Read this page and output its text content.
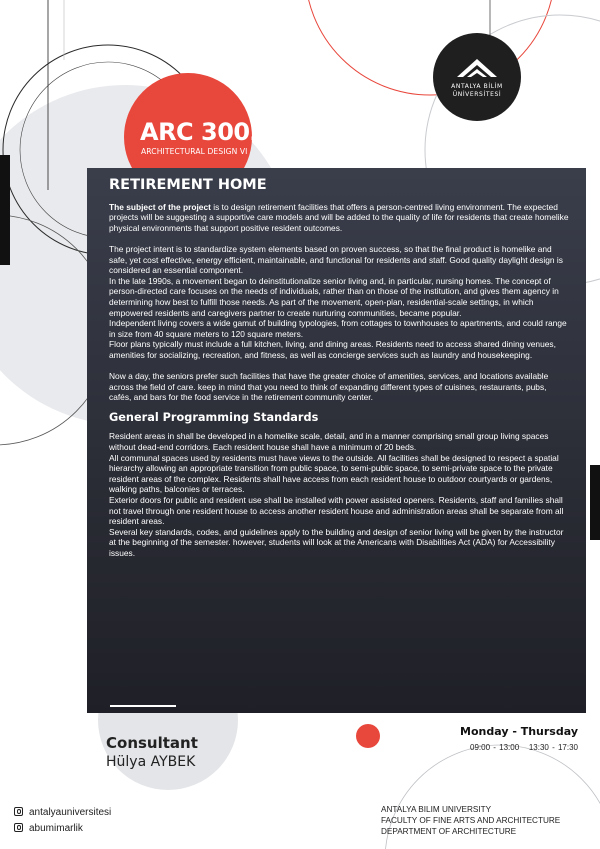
ANTALYA BİLİM
ÜNİVERSİTESİ
ARC 3002
ARCHITECTURAL DESIGN VI
RETIREMENT HOME

The subject of the project is to design retirement facilities that offers a person-centred living environment. The expected projects will be suggesting a supportive care models and will be added to the quality of life for residents that create homelike physical environments that support positive resident outcomes.

The project intent is to standardize system elements based on proven success, so that the final product is homelike and safe, yet cost effective, energy efficient, maintainable, and functional for residents and staff. Good quality daylight design is considered an essential component.

In the late 1990s, a movement began to deinstitutionalize senior living and, in particular, nursing homes. The concept of person-directed care focuses on the needs of individuals, rather than on those of the institution, and gives them agency in determining how best to fulfill those needs. As part of the movement, open-plan, residential-scale settings, in which empowered residents and caregivers partner to create nurturing communities, became popular.

Independent living covers a wide gamut of building typologies, from cottages to townhouses to apartments, and could range in size from 40 square meters to 120 square meters.

Floor plans typically must include a full kitchen, living, and dining areas. Residents need to access shared dining venues, amenities for socializing, recreation, and fitness, as well as concierge services such as laundry and housekeeping.

Now a day, the seniors prefer such facilities that have the greater choice of amenities, services, and locations available across the field of care. keep in mind that you need to think of expanding different types of cuisines, restaurants, pubs, cafés, and bars for the food service in the retirement community center.

General Programming Standards

Resident areas in shall be developed in a homelike scale, detail, and in a manner comprising small group living spaces without dead-end corridors. Each resident house shall have a minimum of 20 beds.

All communal spaces used by residents must have views to the outside. All facilities shall be designed to respect a spatial hierarchy allowing an appropriate transition from public space, to semi-public space, to semi-private space to the private resident areas of the complex. Residents shall have access from each resident house to outdoor courtyards or gardens, walking paths, balconies or terraces.

Exterior doors for public and resident use shall be installed with power assisted openers. Residents, staff and families shall not travel through one resident house to access another resident house and administration areas shall be separate from all resident areas.

Several key standards, codes, and guidelines apply to the building and design of senior living will be given by the instructor at the beginning of the semester. however, students will look at the Americans with Disabilities Act (ADA) for Accessibility issues.

Consultant
Hülya AYBEK
Monday - Thursday
09:00 - 13:00   13:30 - 17:30
antalyauniversitesi
abumimarlik
ANTALYA BILIM UNIVERSITY
FACULTY OF FINE ARTS AND ARCHITECTURE
DEPARTMENT OF ARCHITECTURE
